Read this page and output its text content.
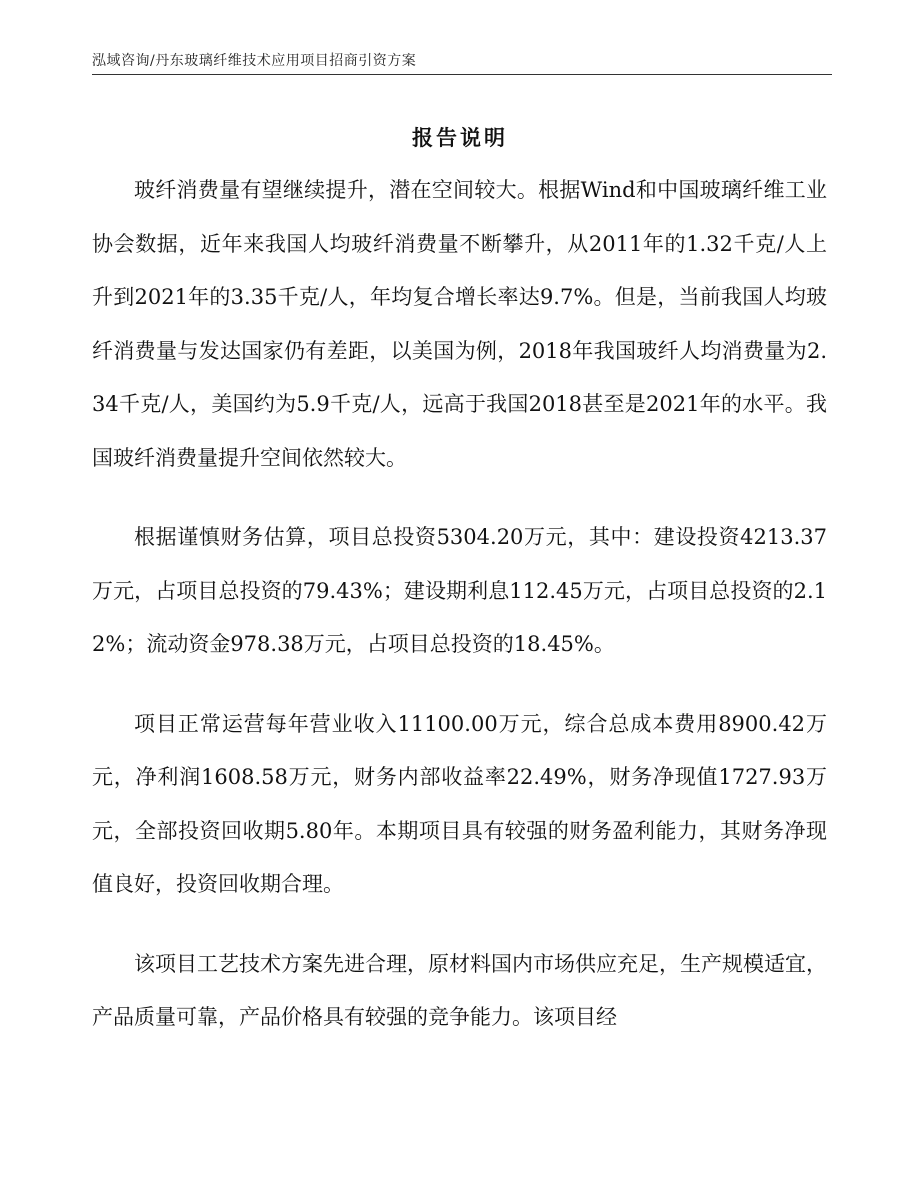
泓域咨询/丹东玻璃纤维技术应用项目招商引资方案
报告说明

玻纤消费量有望继续提升，潜在空间较大。根据Wind和中国玻璃纤维工业协会数据，近年来我国人均玻纤消费量不断攀升，从2011年的1.32千克/人上升到2021年的3.35千克/人，年均复合增长率达9.7%。但是，当前我国人均玻纤消费量与发达国家仍有差距，以美国为例，2018年我国玻纤人均消费量为2.34千克/人，美国约为5.9千克/人，远高于我国2018甚至是2021年的水平。我国玻纤消费量提升空间依然较大。

根据谨慎财务估算，项目总投资5304.20万元，其中：建设投资4213.37万元，占项目总投资的79.43%；建设期利息112.45万元，占项目总投资的2.12%；流动资金978.38万元，占项目总投资的18.45%。

项目正常运营每年营业收入11100.00万元，综合总成本费用8900.42万元，净利润1608.58万元，财务内部收益率22.49%，财务净现值1727.93万元，全部投资回收期5.80年。本期项目具有较强的财务盈利能力，其财务净现值良好，投资回收期合理。

该项目工艺技术方案先进合理，原材料国内市场供应充足，生产规模适宜，产品质量可靠，产品价格具有较强的竞争能力。该项目经
